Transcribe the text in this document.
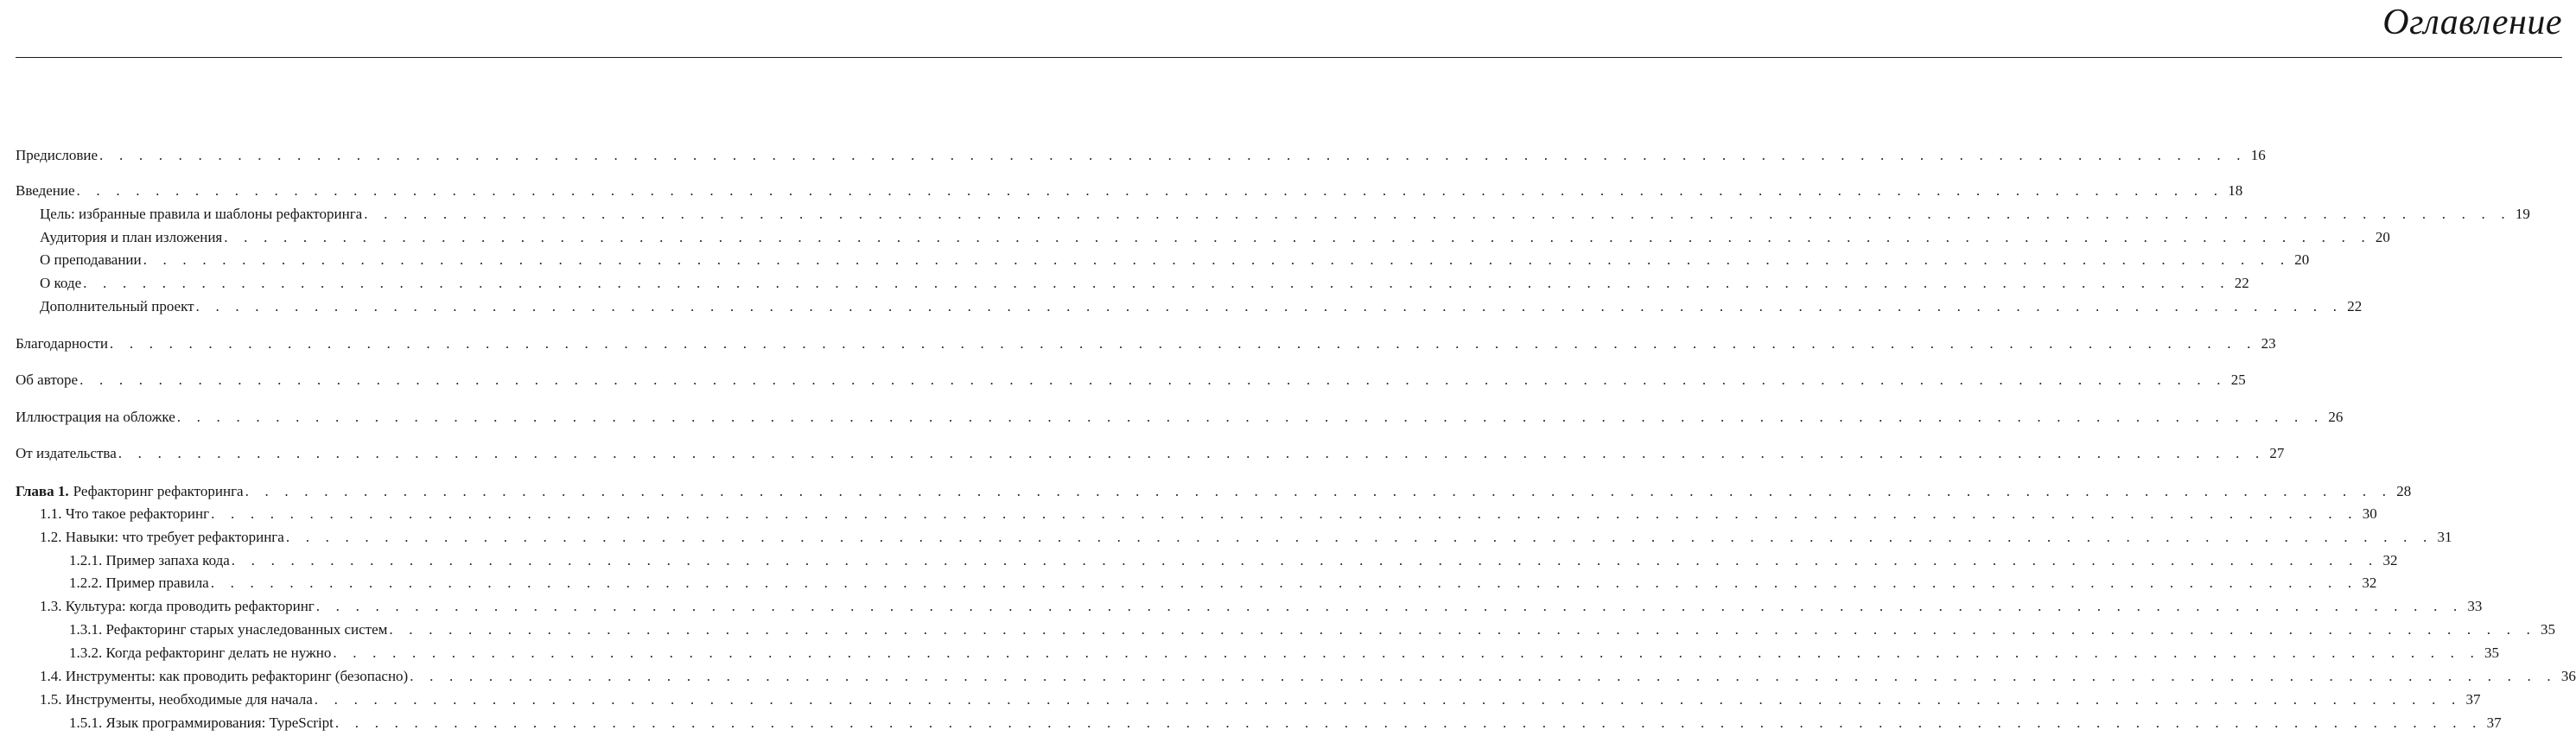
Оглавление
Предисловие . . . . . . . . . . . . . . . . . . . . . . . . . . . . . . . . . . . . . . . . . . . . . . . . . . . . . . . . . . . . . . . . . . . . . . . . . . . . . . . . . . . . . . . . . . . . . . . . . . . . . . . . . . . . . 16
Введение . . . . . . . . . . . . . . . . . . . . . . . . . . . . . . . . . . . . . . . . . . . . . . . . . . . . . . . . . . . . . . . . . . . . . . . . . . . . . . . . . . . . . . . . . . . . . . . . . . . . . . . . . . . . . 18
Цель: избранные правила и шаблоны рефакторинга . . . . . . . . . . . . . . . . . . . . . . . . . . . . . . . . . . . . . . . . . . . . . . . . . . . . . . . . . . . . . . . . . . . . . . . . . . . . . . . . . . . . . . . . . . . . . . . . . . . . . . . . . . . . . 19
Аудитория и план изложения . . . . . . . . . . . . . . . . . . . . . . . . . . . . . . . . . . . . . . . . . . . . . . . . . . . . . . . . . . . . . . . . . . . . . . . . . . . . . . . . . . . . . . . . . . . . . . . . . . . . . . . . . . . . . 20
О преподавании . . . . . . . . . . . . . . . . . . . . . . . . . . . . . . . . . . . . . . . . . . . . . . . . . . . . . . . . . . . . . . . . . . . . . . . . . . . . . . . . . . . . . . . . . . . . . . . . . . . . . . . . . . . . . 20
О коде . . . . . . . . . . . . . . . . . . . . . . . . . . . . . . . . . . . . . . . . . . . . . . . . . . . . . . . . . . . . . . . . . . . . . . . . . . . . . . . . . . . . . . . . . . . . . . . . . . . . . . . . . . . . . 22
Дополнительный проект . . . . . . . . . . . . . . . . . . . . . . . . . . . . . . . . . . . . . . . . . . . . . . . . . . . . . . . . . . . . . . . . . . . . . . . . . . . . . . . . . . . . . . . . . . . . . . . . . . . . . . . . . . . . . 22
Благодарности . . . . . . . . . . . . . . . . . . . . . . . . . . . . . . . . . . . . . . . . . . . . . . . . . . . . . . . . . . . . . . . . . . . . . . . . . . . . . . . . . . . . . . . . . . . . . . . . . . . . . . . . . . . . . 23
Об авторе . . . . . . . . . . . . . . . . . . . . . . . . . . . . . . . . . . . . . . . . . . . . . . . . . . . . . . . . . . . . . . . . . . . . . . . . . . . . . . . . . . . . . . . . . . . . . . . . . . . . . . . . . . . . . 25
Иллюстрация на обложке . . . . . . . . . . . . . . . . . . . . . . . . . . . . . . . . . . . . . . . . . . . . . . . . . . . . . . . . . . . . . . . . . . . . . . . . . . . . . . . . . . . . . . . . . . . . . . . . . . . . . . . . . . . . . 26
От издательства . . . . . . . . . . . . . . . . . . . . . . . . . . . . . . . . . . . . . . . . . . . . . . . . . . . . . . . . . . . . . . . . . . . . . . . . . . . . . . . . . . . . . . . . . . . . . . . . . . . . . . . . . . . . . 27
Глава 1. Рефакторинг рефакторинга . . . . . . . . . . . . . . . . . . . . . . . . . . . . . . . . . . . . . . . . . . . . . . . . . . . . . . . . . . . . . . . . . . . . . . . . . . . . . . . . . . . . . . . . . . . . . . . . . . . . . . . . . . . . . 28
1.1. Что такое рефакторинг . . . . . . . . . . . . . . . . . . . . . . . . . . . . . . . . . . . . . . . . . . . . . . . . . . . . . . . . . . . . . . . . . . . . . . . . . . . . . . . . . . . . . . . . . . . . . . . . . . . . . . . . . . . . . 30
1.2. Навыки: что требует рефакторинга . . . . . . . . . . . . . . . . . . . . . . . . . . . . . . . . . . . . . . . . . . . . . . . . . . . . . . . . . . . . . . . . . . . . . . . . . . . . . . . . . . . . . . . . . . . . . . . . . . . . . . . . . . . . . 31
1.2.1. Пример запаха кода . . . . . . . . . . . . . . . . . . . . . . . . . . . . . . . . . . . . . . . . . . . . . . . . . . . . . . . . . . . . . . . . . . . . . . . . . . . . . . . . . . . . . . . . . . . . . . . . . . . . . . . . . . . . . 32
1.2.2. Пример правила . . . . . . . . . . . . . . . . . . . . . . . . . . . . . . . . . . . . . . . . . . . . . . . . . . . . . . . . . . . . . . . . . . . . . . . . . . . . . . . . . . . . . . . . . . . . . . . . . . . . . . . . . . . . . 32
1.3. Культура: когда проводить рефакторинг . . . . . . . . . . . . . . . . . . . . . . . . . . . . . . . . . . . . . . . . . . . . . . . . . . . . . . . . . . . . . . . . . . . . . . . . . . . . . . . . . . . . . . . . . . . . . . . . . . . . . . . . . . . . . 33
1.3.1. Рефакторинг старых унаследованных систем . . . . . . . . . . . . . . . . . . . . . . . . . . . . . . . . . . . . . . . . . . . . . . . . . . . . . . . . . . . . . . . . . . . . . . . . . . . . . . . . . . . . . . . . . . . . . . . . . . . . . . . . . . . . . 35
1.3.2. Когда рефакторинг делать не нужно . . . . . . . . . . . . . . . . . . . . . . . . . . . . . . . . . . . . . . . . . . . . . . . . . . . . . . . . . . . . . . . . . . . . . . . . . . . . . . . . . . . . . . . . . . . . . . . . . . . . . . . . . . . . . 35
1.4. Инструменты: как проводить рефакторинг (безопасно) . . . . . . . . . . . . . . . . . . . . . . . . . . . . . . . . . . . . . . . . . . . . . . . . . . . . . . . . . . . . . . . . . . . . . . . . . . . . . . . . . . . . . . . . . . . . . . . . . . . . . . . . . . . . . 36
1.5. Инструменты, необходимые для начала . . . . . . . . . . . . . . . . . . . . . . . . . . . . . . . . . . . . . . . . . . . . . . . . . . . . . . . . . . . . . . . . . . . . . . . . . . . . . . . . . . . . . . . . . . . . . . . . . . . . . . . . . . . . . 37
1.5.1. Язык программирования: TypeScript . . . . . . . . . . . . . . . . . . . . . . . . . . . . . . . . . . . . . . . . . . . . . . . . . . . . . . . . . . . . . . . . . . . . . . . . . . . . . . . . . . . . . . . . . . . . . . . . . . . . . . . . . . . . . 37
